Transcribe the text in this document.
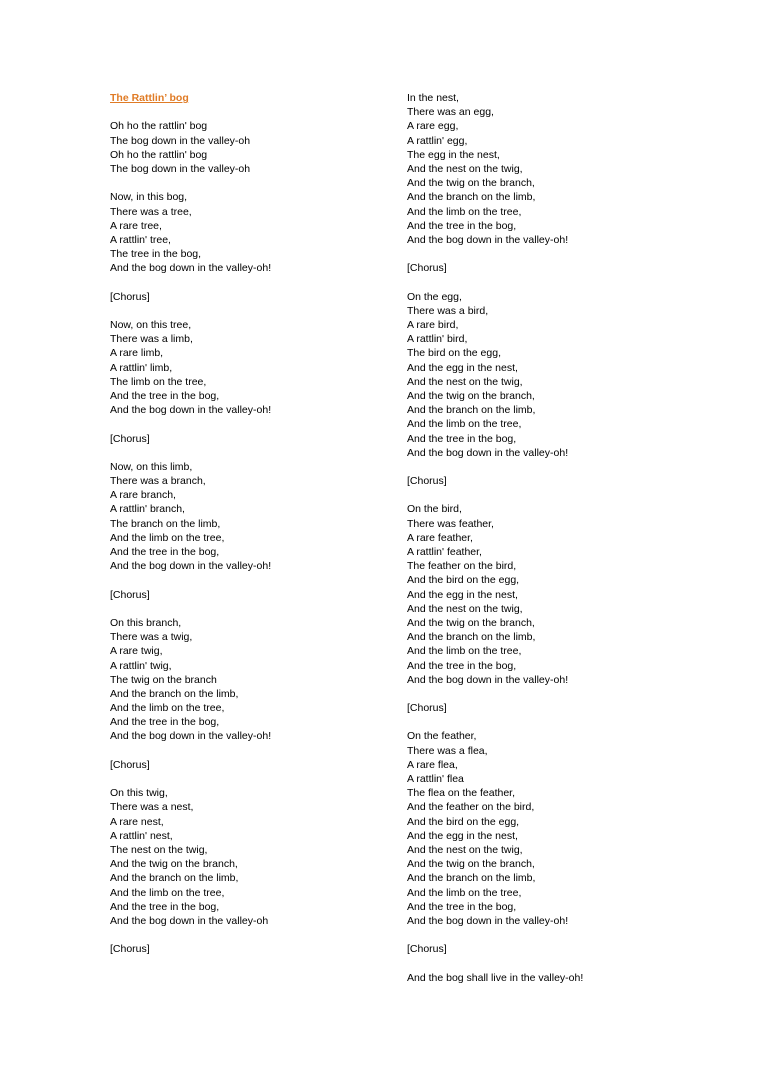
The Rattlin’ bog
Oh ho the rattlin' bog
The bog down in the valley-oh
Oh ho the rattlin' bog
The bog down in the valley-oh
Now, in this bog,
There was a tree,
A rare tree,
A rattlin' tree,
The tree in the bog,
And the bog down in the valley-oh!
[Chorus]
Now, on this tree,
There was a limb,
A rare limb,
A rattlin' limb,
The limb on the tree,
And the tree in the bog,
And the bog down in the valley-oh!
[Chorus]
Now, on this limb,
There was a branch,
A rare branch,
A rattlin' branch,
The branch on the limb,
And the limb on the tree,
And the tree in the bog,
And the bog down in the valley-oh!
[Chorus]
On this branch,
There was a twig,
A rare twig,
A rattlin' twig,
The twig on the branch
And the branch on the limb,
And the limb on the tree,
And the tree in the bog,
And the bog down in the valley-oh!
[Chorus]
On this twig,
There was a nest,
A rare nest,
A rattlin' nest,
The nest on the twig,
And the twig on the branch,
And the branch on the limb,
And the limb on the tree,
And the tree in the bog,
And the bog down in the valley-oh
[Chorus]
In the nest,
There was an egg,
A rare egg,
A rattlin' egg,
The egg in the nest,
And the nest on the twig,
And the twig on the branch,
And the branch on the limb,
And the limb on the tree,
And the tree in the bog,
And the bog down in the valley-oh!
[Chorus]
On the egg,
There was a bird,
A rare bird,
A rattlin' bird,
The bird on the egg,
And the egg in the nest,
And the nest on the twig,
And the twig on the branch,
And the branch on the limb,
And the limb on the tree,
And the tree in the bog,
And the bog down in the valley-oh!
[Chorus]
On the bird,
There was feather,
A rare feather,
A rattlin' feather,
The feather on the bird,
And the bird on the egg,
And the egg in the nest,
And the nest on the twig,
And the twig on the branch,
And the branch on the limb,
And the limb on the tree,
And the tree in the bog,
And the bog down in the valley-oh!
[Chorus]
On the feather,
There was a flea,
A rare flea,
A rattlin' flea
The flea on the feather,
And the feather on the bird,
And the bird on the egg,
And the egg in the nest,
And the nest on the twig,
And the twig on the branch,
And the branch on the limb,
And the limb on the tree,
And the tree in the bog,
And the bog down in the valley-oh!
[Chorus]
And the bog shall live in the valley-oh!
